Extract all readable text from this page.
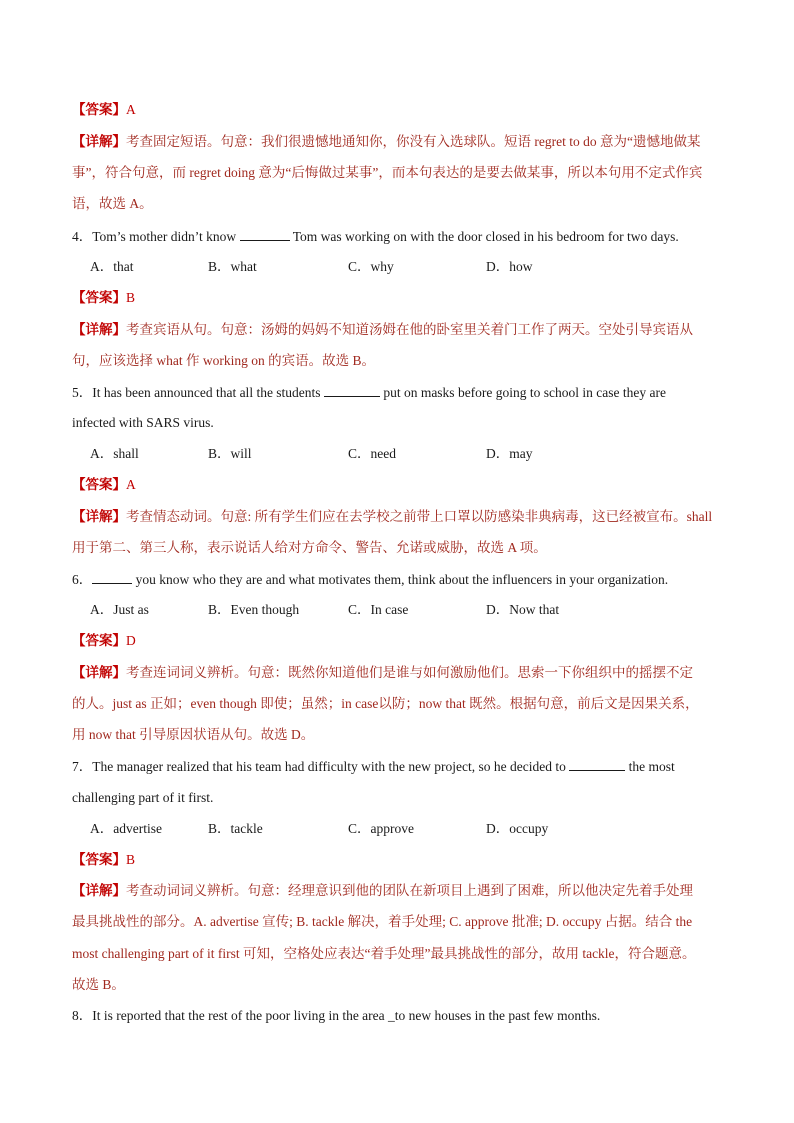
【答案】A
【详解】考查固定短语。句意：我们很遗憾地通知你，你没有入选球队。短语 regret to do 意为“遗憾地做某
事”，符合句意，而 regret doing 意为“后悔做过某事”，而本句表达的是要去做某事，所以本句用不定式作宾
语，故选 A。
4．Tom’s mother didn’t know	Tom was working on with the door closed in his bedroom for two days.
A．that	B．what	C．why	D．how
【答案】B
【详解】考查宾语从句。句意：汤姆的妈妈不知道汤姆在他的卧室里关着门工作了两天。空处引导宾语从
句，应该选择 what 作 working on 的宾语。故选 B。
5．It has been announced that all the students	put on masks before going to school in case they are
infected with SARS virus.
A．shall	B．will	C．need	D．may
【答案】A
【详解】考查情态动词。句意: 所有学生们应在去学校之前带上口罩以防感染非典病毒，这已经被宣布。shall
用于第二、第三人称，表示说话人给对方命令、警告、允诺或威胁，故选 A 项。
6．	you know who they are and what motivates them, think about the influencers in your organization.
A．Just as	B．Even though	C．In case	D．Now that
【答案】D
【详解】考查连词词义辨析。句意：既然你知道他们是谁与如何激励他们。思索一下你组织中的摇摆不定
的人。just as 正如；even though 即使；虽然；in case以防；now that 既然。根据句意，前后文是因果关系，
用 now that 引导原因状语从句。故选 D。
7．The manager realized that his team had difficulty with the new project, so he decided to	the most
challenging part of it first.
A．advertise	B．tackle	C．approve	D．occupy
【答案】B
【详解】考查动词词义辨析。句意：经理意识到他的团队在新项目上遇到了困难，所以他决定先着手处理
最具挑战性的部分。A. advertise 宣传; B. tackle 解决，着手处理; C. approve 批准; D. occupy 占据。结合 the
most challenging part of it first 可知，空格处应表达“着手处理”最具挑战性的部分，故用 tackle，符合题意。
故选 B。
8．It is reported that the rest of the poor living in the area _to new houses in the past few months.
